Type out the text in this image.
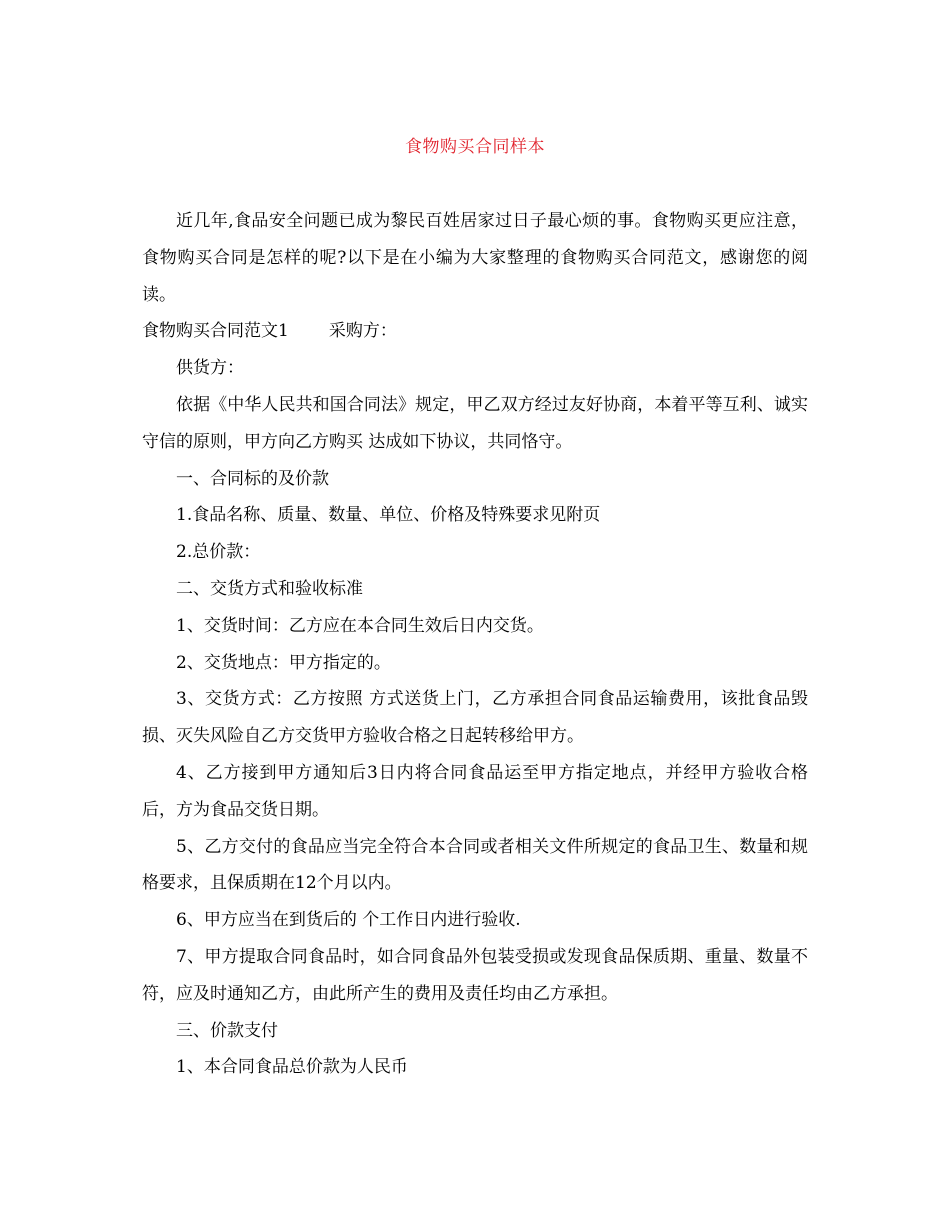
食物购买合同样本

近几年,食品安全问题已成为黎民百姓居家过日子最心烦的事。食物购买更应注意，食物购买合同是怎样的呢?以下是在小编为大家整理的食物购买合同范文，感谢您的阅读。

食物购买合同范文1 采购方：

供货方：

依据《中华人民共和国合同法》规定，甲乙双方经过友好协商，本着平等互利、诚实守信的原则，甲方向乙方购买 达成如下协议，共同恪守。

一、合同标的及价款

1.食品名称、质量、数量、单位、价格及特殊要求见附页

2.总价款：

二、交货方式和验收标准

1、交货时间：乙方应在本合同生效后日内交货。

2、交货地点：甲方指定的。

3、交货方式：乙方按照 方式送货上门，乙方承担合同食品运输费用，该批食品毁损、灭失风险自乙方交货甲方验收合格之日起转移给甲方。

4、乙方接到甲方通知后3日内将合同食品运至甲方指定地点，并经甲方验收合格后，方为食品交货日期。

5、乙方交付的食品应当完全符合本合同或者相关文件所规定的食品卫生、数量和规格要求，且保质期在12个月以内。

6、甲方应当在到货后的 个工作日内进行验收.

7、甲方提取合同食品时，如合同食品外包装受损或发现食品保质期、重量、数量不符，应及时通知乙方，由此所产生的费用及责任均由乙方承担。

三、价款支付

1、本合同食品总价款为人民币
